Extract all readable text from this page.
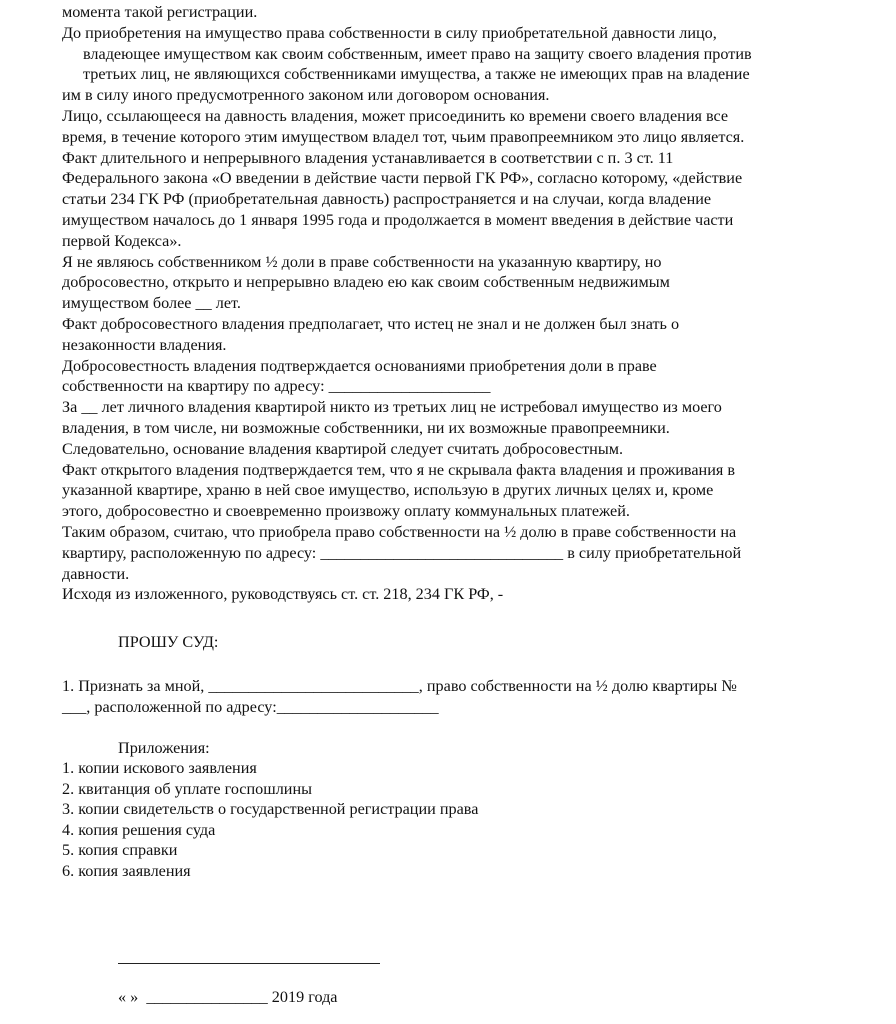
момента такой регистрации.
До приобретения на имущество права собственности в силу приобретательной давности лицо,
владеющее имуществом как своим собственным, имеет право на защиту своего владения против
третьих лиц, не являющихся собственниками имущества, а также не имеющих прав на владение
им в силу иного предусмотренного законом или договором основания.
Лицо, ссылающееся на давность владения, может присоединить ко времени своего владения все
время, в течение которого этим имуществом владел тот, чьим правопреемником это лицо является.
Факт длительного и непрерывного владения устанавливается в соответствии с п. 3 ст. 11
Федерального закона «О введении в действие части первой ГК РФ», согласно которому, «действие
статьи 234 ГК РФ (приобретательная давность) распространяется и на случаи, когда владение
имуществом началось до 1 января 1995 года и продолжается в момент введения в действие части
первой Кодекса».
Я не являюсь собственником ½ доли в праве собственности на указанную квартиру, но
добросовестно, открыто и непрерывно владею ею как своим собственным недвижимым
имуществом более __ лет.
Факт добросовестного владения предполагает, что истец не знал и не должен был знать о
незаконности владения.
Добросовестность владения подтверждается основаниями приобретения доли в праве
собственности на квартиру по адресу: ____________________
За __ лет личного владения квартирой никто из третьих лиц не истребовал имущество из моего
владения, в том числе, ни возможные собственники, ни их возможные правопреемники.
Следовательно, основание владения квартирой следует считать добросовестным.
Факт открытого владения подтверждается тем, что я не скрывала факта владения и проживания в
указанной квартире, храню в ней свое имущество, использую в других личных целях и, кроме
этого, добросовестно и своевременно произвожу оплату коммунальных платежей.
Таким образом, считаю, что приобрела право собственности на ½ долю в праве собственности на
квартиру, расположенную по адресу: ______________________________ в силу приобретательной
давности.
Исходя из изложенного, руководствуясь ст. ст. 218, 234 ГК РФ, -
ПРОШУ СУД:
1. Признать за мной, __________________________, право собственности на ½ долю квартиры №
___, расположенной по адресу:____________________
Приложения:
1. копии искового заявления
2. квитанция об уплате госпошлины
3. копии свидетельств о государственной регистрации права
4. копия решения суда
5. копия справки
6. копия заявления
« »  _______________ 2019 года
